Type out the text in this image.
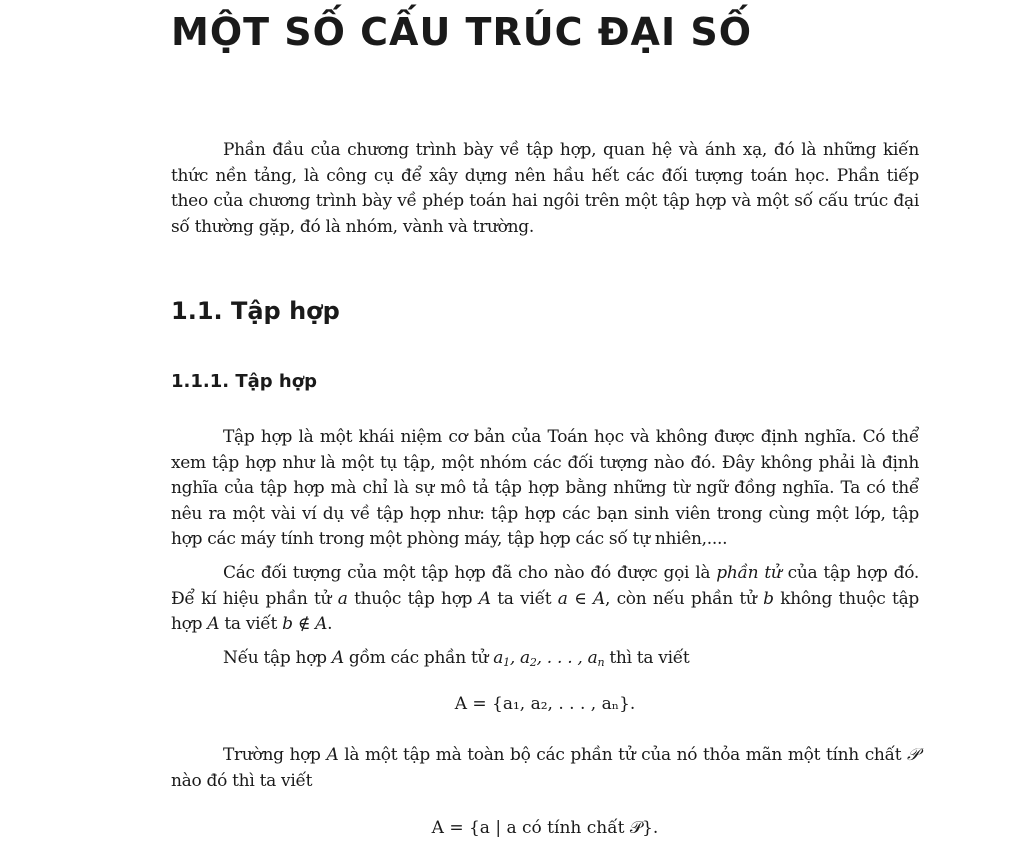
MỘT SỐ CẤU TRÚC ĐẠI SỐ

Phần đầu của chương trình bày về tập hợp, quan hệ và ánh xạ, đó là những kiến thức nền tảng, là công cụ để xây dựng nên hầu hết các đối tượng toán học. Phần tiếp theo của chương trình bày về phép toán hai ngôi trên một tập hợp và một số cấu trúc đại số thường gặp, đó là nhóm, vành và trường.

1.1. Tập hợp
1.1.1. Tập hợp

Tập hợp là một khái niệm cơ bản của Toán học và không được định nghĩa. Có thể xem tập hợp như là một tụ tập, một nhóm các đối tượng nào đó. Đây không phải là định nghĩa của tập hợp mà chỉ là sự mô tả tập hợp bằng những từ ngữ đồng nghĩa. Ta có thể nêu ra một vài ví dụ về tập hợp như: tập hợp các bạn sinh viên trong cùng một lớp, tập hợp các máy tính trong một phòng máy, tập hợp các số tự nhiên,....

Các đối tượng của một tập hợp đã cho nào đó được gọi là phần tử của tập hợp đó. Để kí hiệu phần tử a thuộc tập hợp A ta viết a ∈ A, còn nếu phần tử b không thuộc tập hợp A ta viết b ∉ A.

Nếu tập hợp A gồm các phần tử $a_1$, $a_2$, . . . , $a_n$ thì ta viết

A = {a₁, a₂, . . . , aₙ}.

Trường hợp A là một tập mà toàn bộ các phần tử của nó thỏa mãn một tính chất 𝒫 nào đó thì ta viết

A = {a | a có tính chất 𝒫}.
